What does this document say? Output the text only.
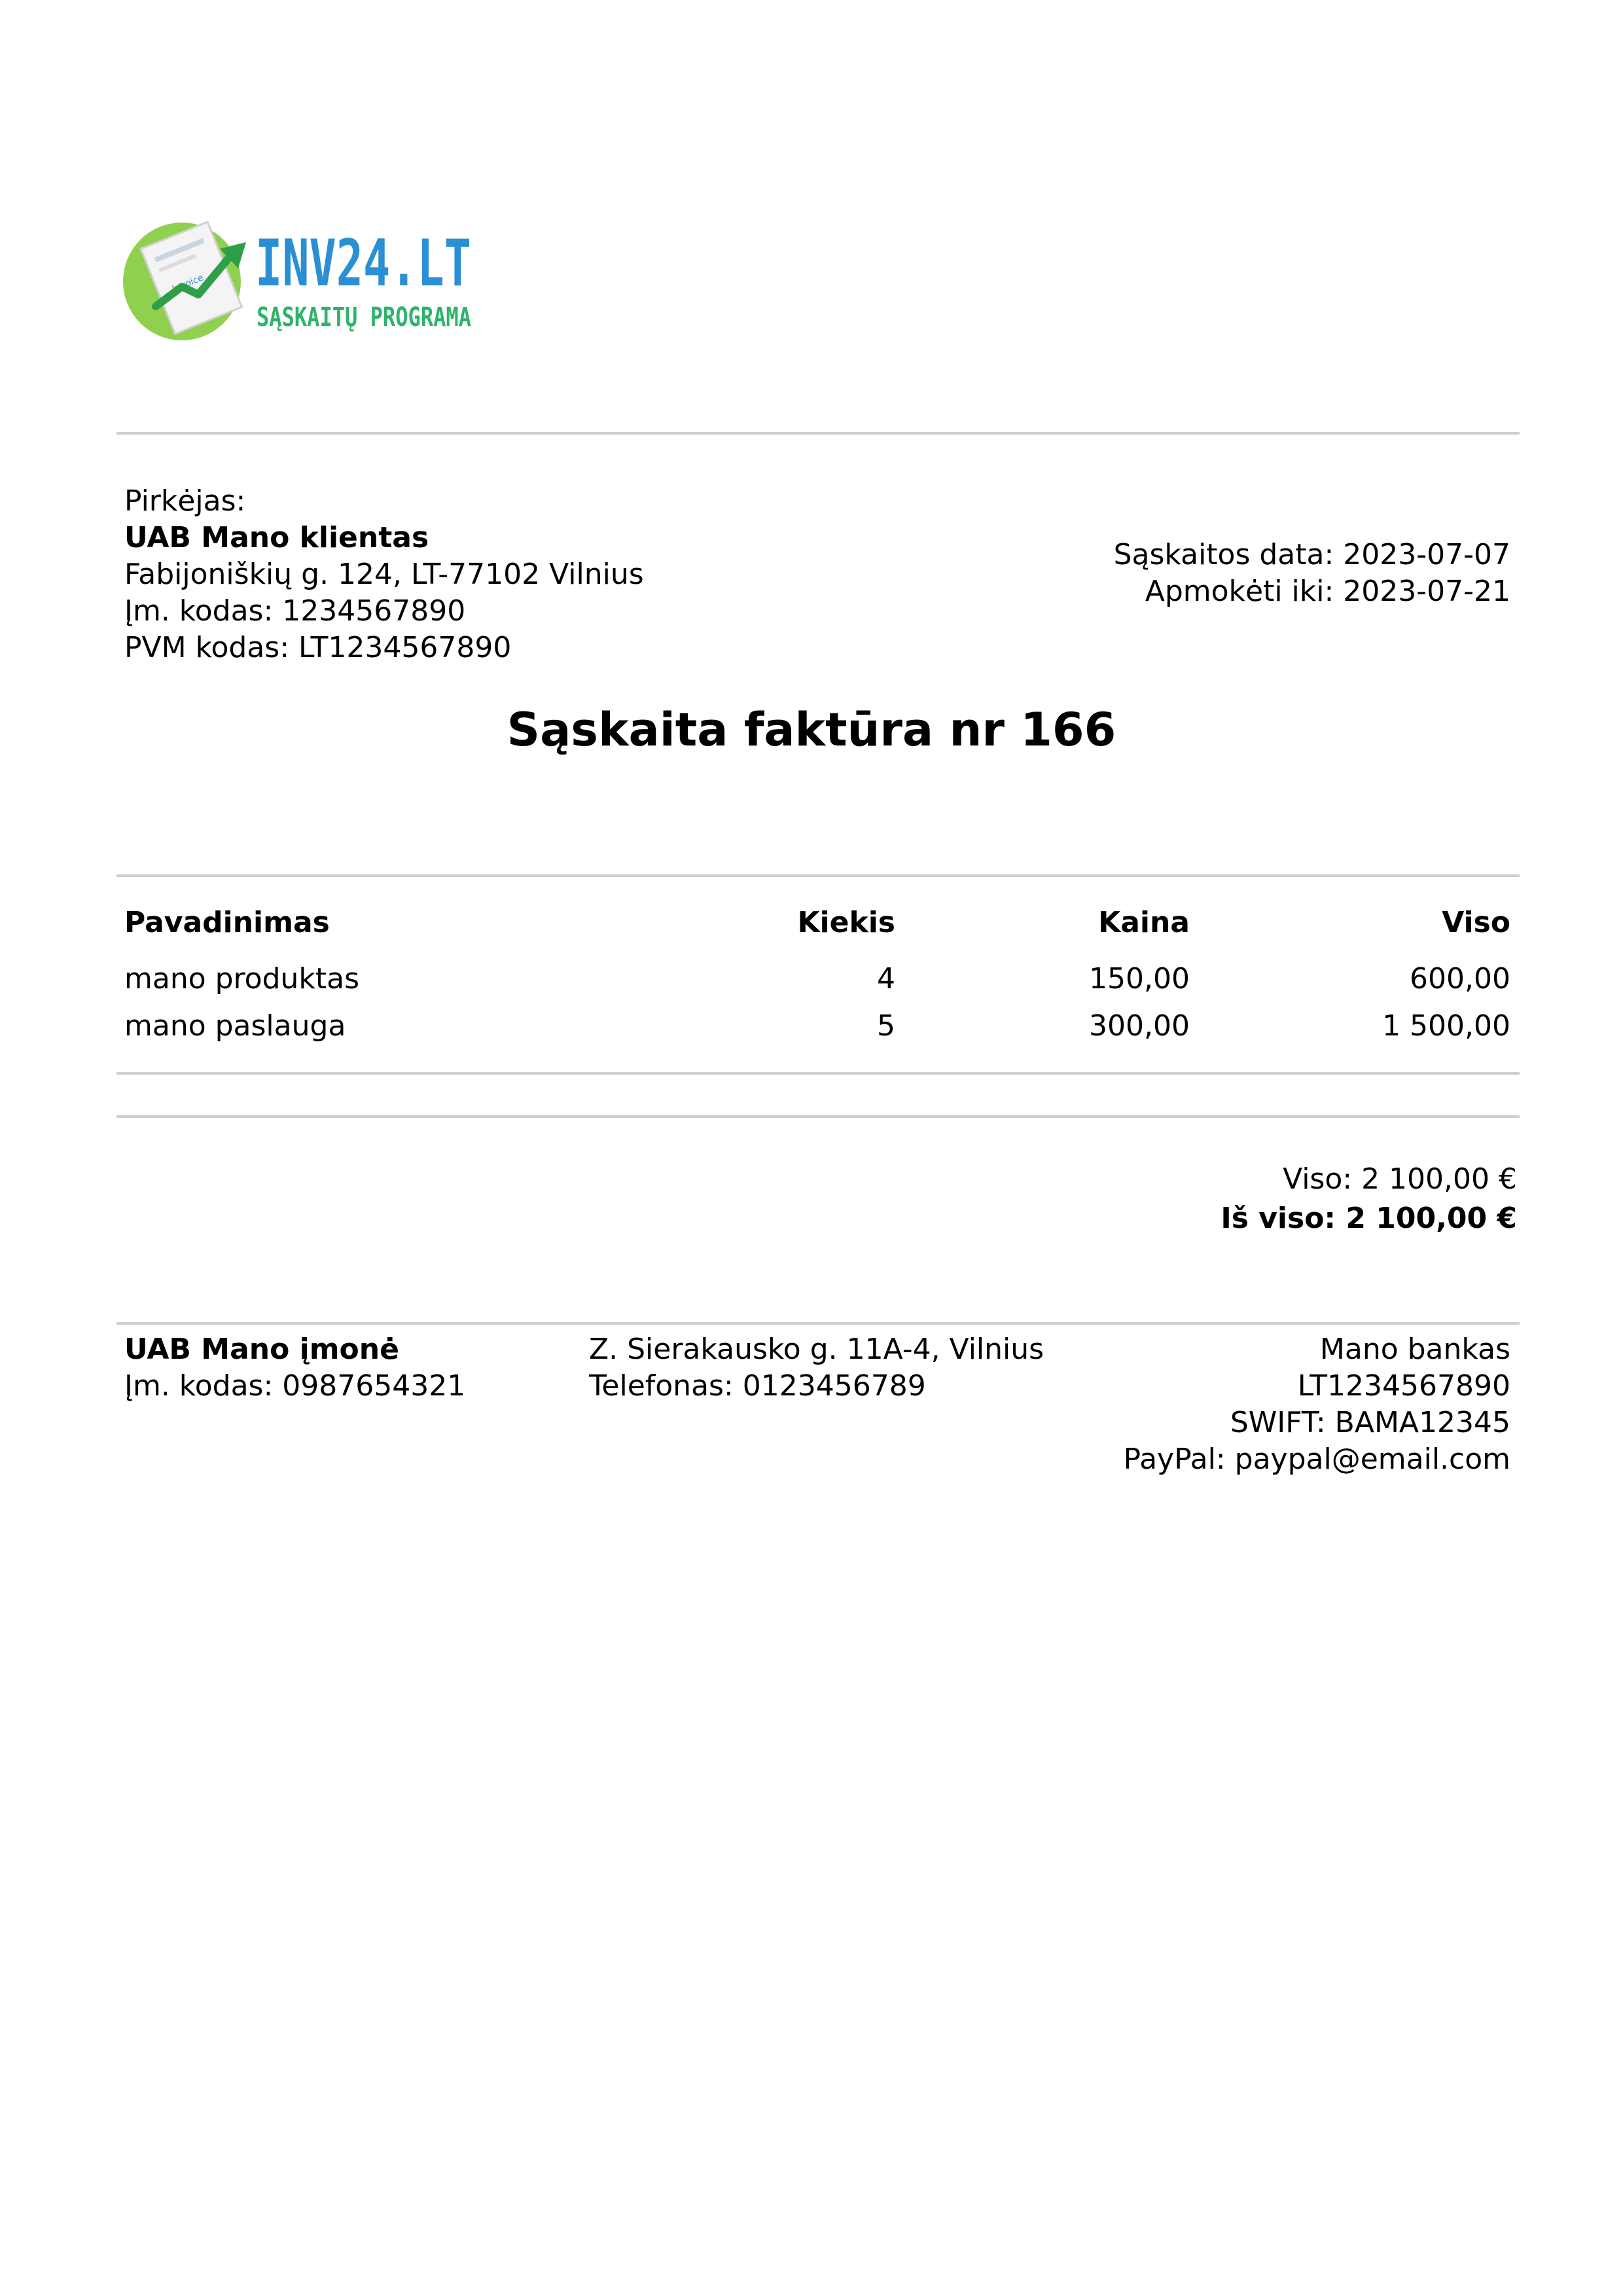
Invoice INV24.LT
SĄSKAITŲ PROGRAMA
Pirkėjas:
UAB Mano klientas
Fabijoniškių g. 124, LT-77102 Vilnius
Įm. kodas: 1234567890
PVM kodas: LT1234567890
Sąskaitos data: 2023-07-07
Apmokėti iki: 2023-07-21
Sąskaita faktūra nr 166
Pavadinimas	Kiekis	Kaina	Viso
mano produktas	4	150,00	600,00
mano paslauga	5	300,00	1 500,00
Viso: 2 100,00 €
Iš viso: 2 100,00 €
UAB Mano įmonė
Įm. kodas: 0987654321
Z. Sierakausko g. 11A-4, Vilnius
Telefonas: 0123456789
Mano bankas
LT1234567890
SWIFT: BAMA12345
PayPal: paypal@email.com
